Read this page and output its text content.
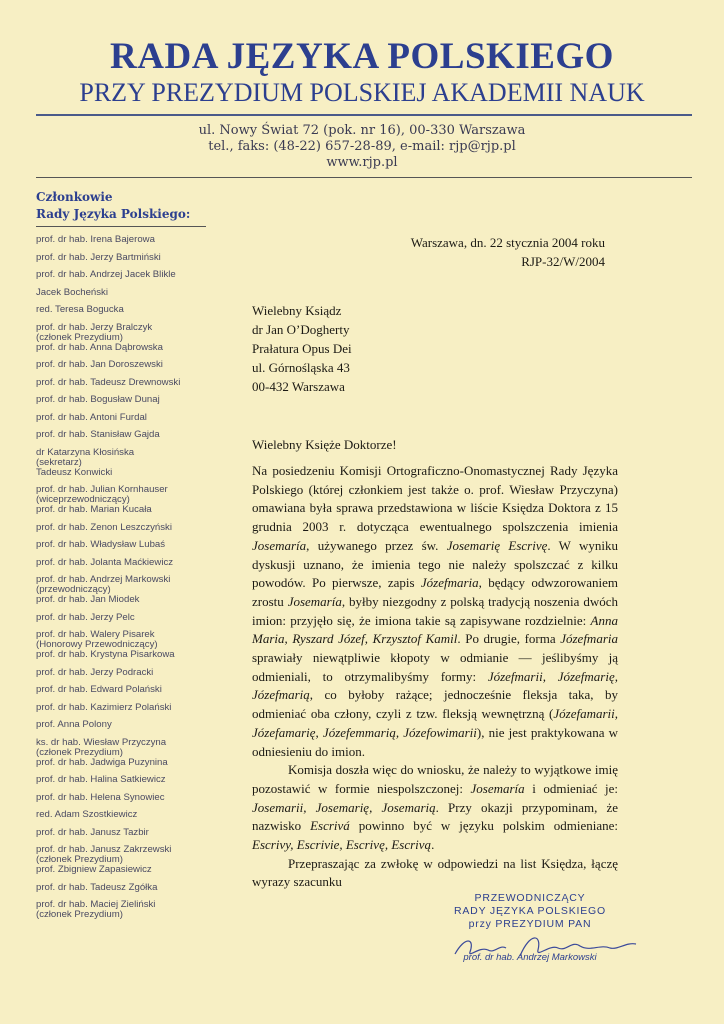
RADA JĘZYKA POLSKIEGO
PRZY PREZYDIUM POLSKIEJ AKADEMII NAUK
ul. Nowy Świat 72 (pok. nr 16), 00-330 Warszawa
tel., faks: (48-22) 657-28-89, e-mail: rjp@rjp.pl
www.rjp.pl
Członkowie
Rady Języka Polskiego:
prof. dr hab. Irena Bajerowa
prof. dr hab. Jerzy Bartmiński
prof. dr hab. Andrzej Jacek Blikle
Jacek Bocheński
red. Teresa Bogucka
prof. dr hab. Jerzy Bralczyk
(członek Prezydium)
prof. dr hab. Anna Dąbrowska
prof. dr hab. Jan Doroszewski
prof. dr hab. Tadeusz Drewnowski
prof. dr hab. Bogusław Dunaj
prof. dr hab. Antoni Furdal
prof. dr hab. Stanisław Gajda
dr Katarzyna Kłosińska
(sekretarz)
Tadeusz Konwicki
prof. dr hab. Julian Kornhauser
(wiceprzewodniczący)
prof. dr hab. Marian Kucała
prof. dr hab. Zenon Leszczyński
prof. dr hab. Władysław Lubaś
prof. dr hab. Jolanta Maćkiewicz
prof. dr hab. Andrzej Markowski
(przewodniczący)
prof. dr hab. Jan Miodek
prof. dr hab. Jerzy Pelc
prof. dr hab. Walery Pisarek
(Honorowy Przewodniczący)
prof. dr hab. Krystyna Pisarkowa
prof. dr hab. Jerzy Podracki
prof. dr hab. Edward Polański
prof. dr hab. Kazimierz Polański
prof. Anna Polony
ks. dr hab. Wiesław Przyczyna
(członek Prezydium)
prof. dr hab. Jadwiga Puzynina
prof. dr hab. Halina Satkiewicz
prof. dr hab. Helena Synowiec
red. Adam Szostkiewicz
prof. dr hab. Janusz Tazbir
prof. dr hab. Janusz Zakrzewski
(członek Prezydium)
prof. Zbigniew Zapasiewicz
prof. dr hab. Tadeusz Zgółka
prof. dr hab. Maciej Zieliński
(członek Prezydium)
Warszawa, dn. 22 stycznia 2004 roku
RJP-32/W/2004
Wielebny Ksiądz
dr Jan O’Dogherty
Prałatura Opus Dei
ul. Górnośląska 43
00-432 Warszawa
Wielebny Księże Doktorze!

Na posiedzeniu Komisji Ortograficzno-Onomastycznej Rady Języka Polskiego (której członkiem jest także o. prof. Wiesław Przyczyna) omawiana była sprawa przedstawiona w liście Księdza Doktora z 15 grudnia 2003 r. dotycząca ewentualnego spolszczenia imienia Josemaría, używanego przez św. Josemarię Escrivę. W wyniku dyskusji uznano, że imienia tego nie należy spolszczać z kilku powodów. Po pierwsze, zapis Józefmaria, będący odwzorowaniem zrostu Josemaría, byłby niezgodny z polską tradycją noszenia dwóch imion: przyjęło się, że imiona takie są zapisywane rozdzielnie: Anna Maria, Ryszard Józef, Krzysztof Kamil. Po drugie, forma Józefmaria sprawiały niewątpliwie kłopoty w odmianie — jeślibyśmy ją odmieniali, to otrzymalibyśmy formy: Józefmarii, Józefmarię, Józefmarią, co byłoby rażące; jednocześnie fleksja taka, by odmieniać oba człony, czyli z tzw. fleksją wewnętrzną (Józefamarii, Józefamarię, Józefemmarią, Józefowimarii), nie jest praktykowana w odniesieniu do imion.

Komisja doszła więc do wniosku, że należy to wyjątkowe imię pozostawić w formie niespolszczonej: Josemaría i odmieniać je: Josemarii, Josemarię, Josemarią. Przy okazji przypominam, że nazwisko Escrivá powinno być w języku polskim odmieniane: Escrivy, Escrivie, Escrivę, Escrivą.

Przepraszając za zwłokę w odpowiedzi na list Księdza, łączę wyrazy szacunku

PRZEWODNICZĄCY
RADY JĘZYKA POLSKIEGO
przy PREZYDIUM PAN
prof. dr hab. Andrzej Markowski
